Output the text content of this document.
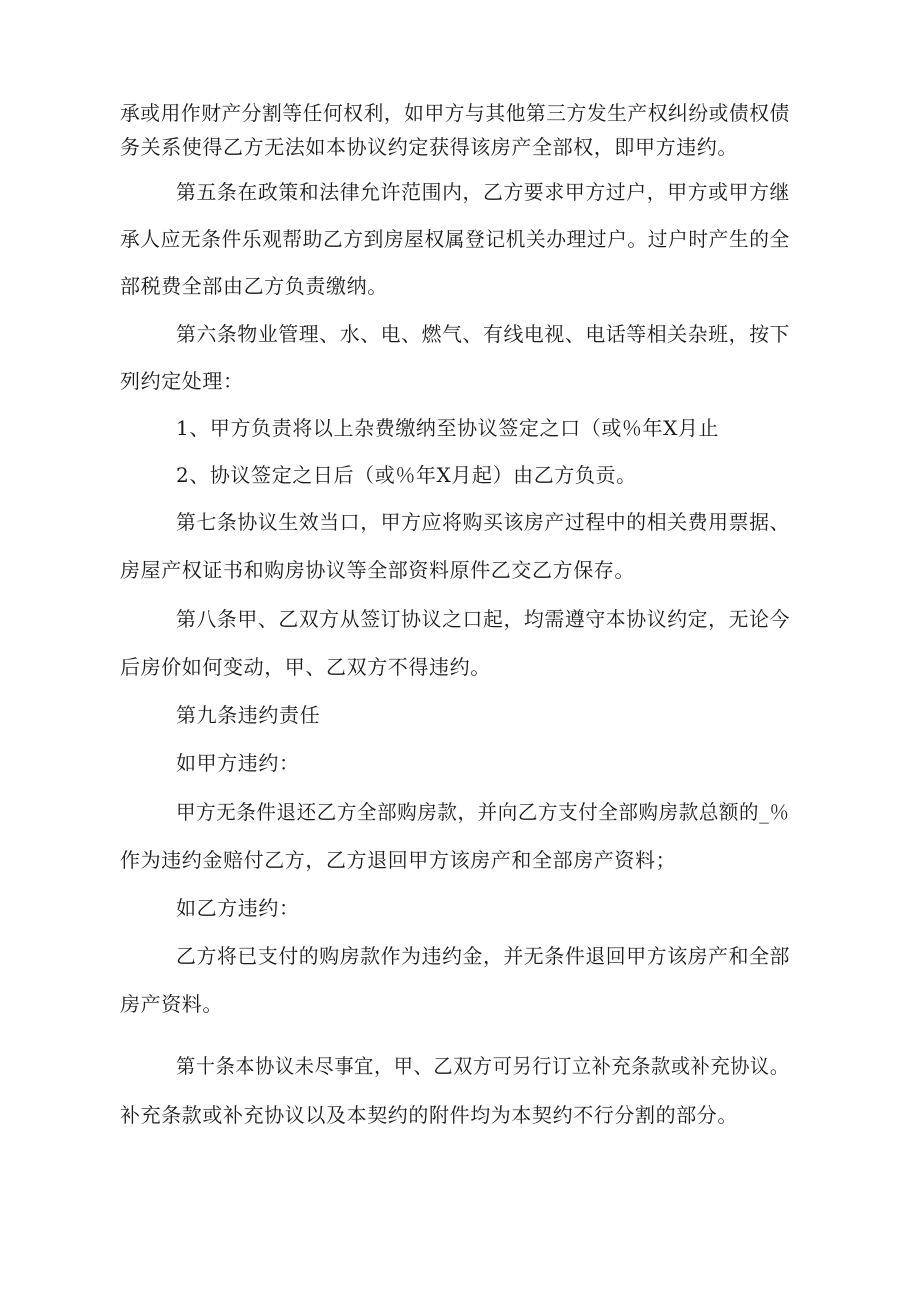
承或用作财产分割等任何权利，如甲方与其他第三方发生产权纠纷或债权债
务关系使得乙方无法如本协议约定获得该房产全部权，即甲方违约。
第五条在政策和法律允许范围内，乙方要求甲方过户，甲方或甲方继
承人应无条件乐观帮助乙方到房屋权属登记机关办理过户。过户时产生的全
部税费全部由乙方负责缴纳。
第六条物业管理、水、电、燃气、有线电视、电话等相关杂班，按下
列约定处理：
1、甲方负责将以上杂费缴纳至协议签定之口（或％年X月止
2、协议签定之日后（或％年X月起）由乙方负贡。
第七条协议生效当口，甲方应将购买该房产过程中的相关费用票据、
房屋产权证书和购房协议等全部资料原件乙交乙方保存。
第八条甲、乙双方从签订协议之口起，均需遵守本协议约定，无论今
后房价如何变动，甲、乙双方不得违约。
第九条违约责任
如甲方违约：
甲方无条件退还乙方全部购房款，并向乙方支付全部购房款总额的_％
作为违约金赔付乙方，乙方退回甲方该房产和全部房产资料；
如乙方违约：
乙方将已支付的购房款作为违约金，并无条件退回甲方该房产和全部
房产资料。
第十条本协议未尽事宜，甲、乙双方可另行订立补充条款或补充协议。
补充条款或补充协议以及本契约的附件均为本契约不行分割的部分。
